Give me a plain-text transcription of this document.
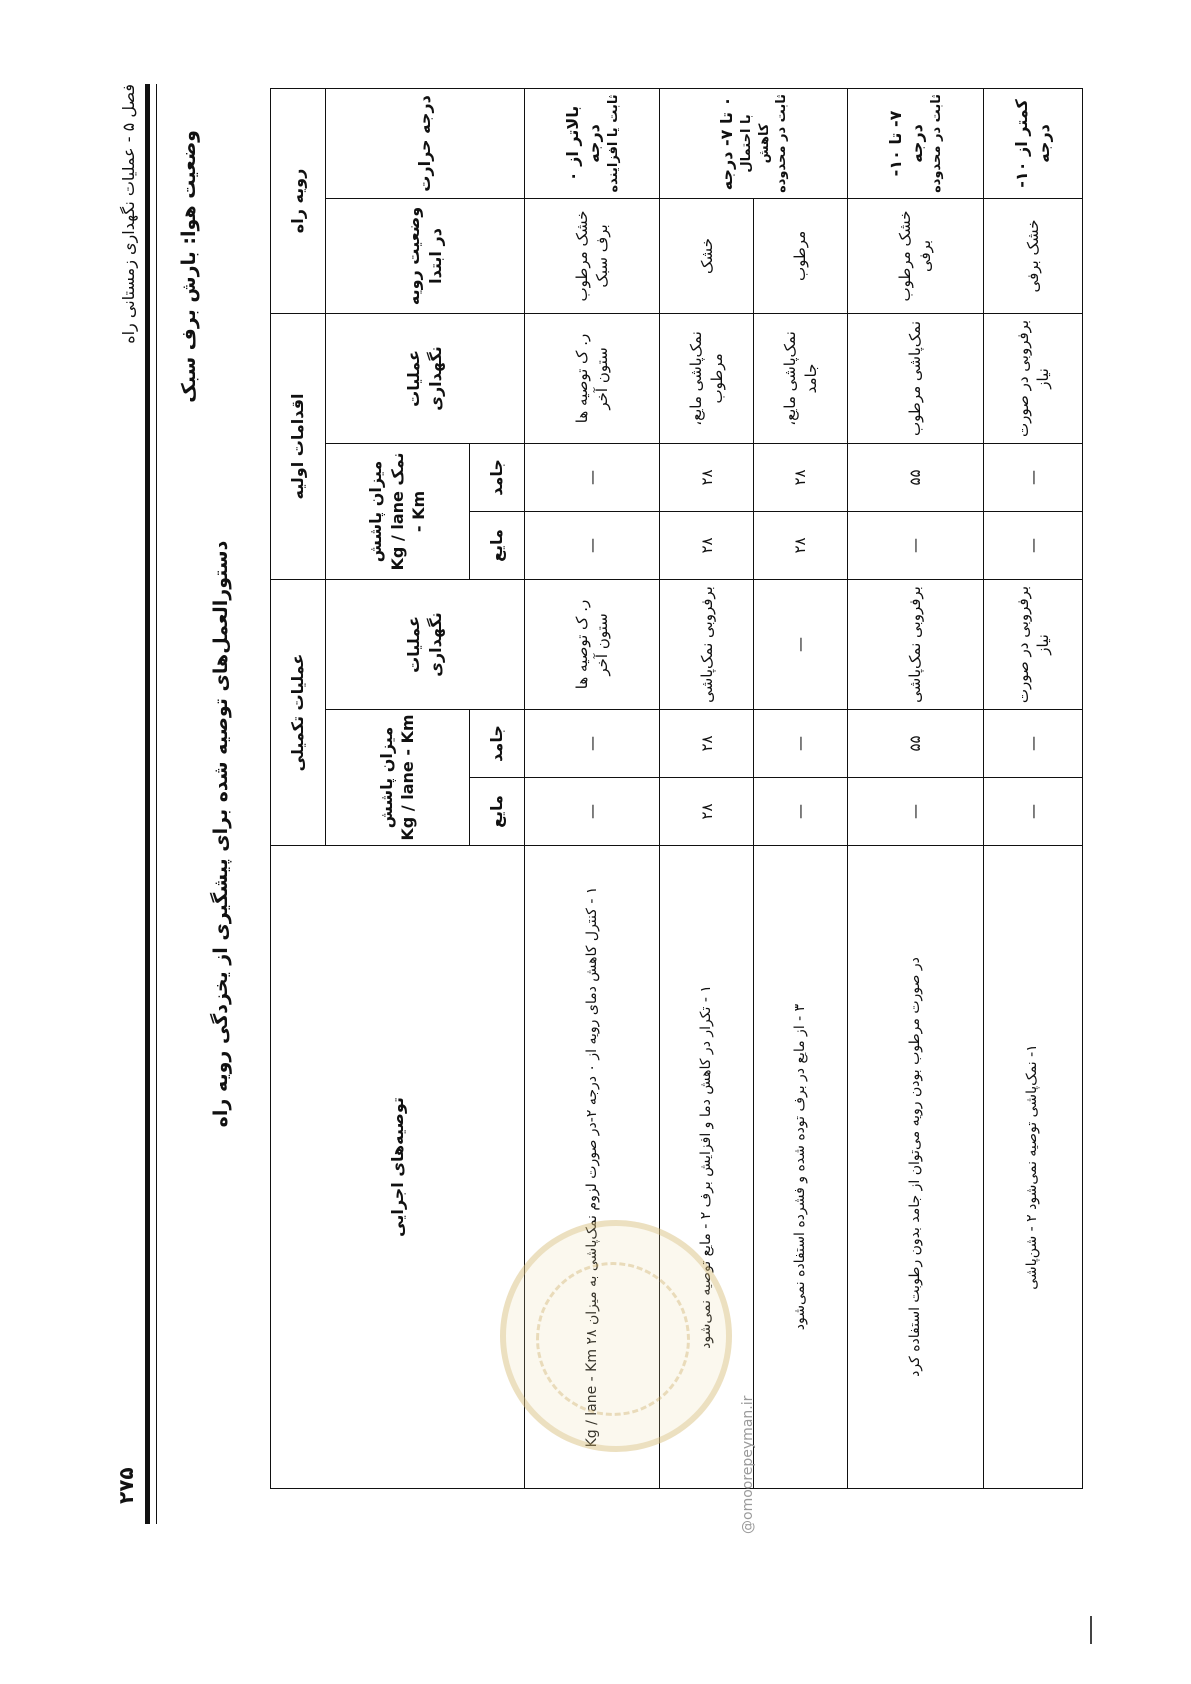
فصل ۵ - عملیات نگهداری زمستانی راه
۲۷۵
وضعیت هوا: بارش برف سبک
دستورالعمل‌های توصیه شده برای پیشگیری از یخزدگی رویه راه
رویه راه		اقدامات اولیه			عملیات تکمیلی			توصیه‌های اجرایی
درجه حرارت	وضعیت رویه در ابتدا	عملیات نگهداری	میزان پاشش نمک Kg / lane - Km		عملیات نگهداری	میزان پاشش Kg / lane - Km		
			جامد	مایع		جامد	مایع	

بالاتر از ۰ درجه ثابت یا افزاینده	خشک مرطوب برف سبک	ر. ک توصیه ها ستون آخر	—	—	ر. ک توصیه ها ستون آخر	—	—	۱ - کنترل کاهش دمای رویه از ۰ درجه ۲-در صورت لزوم نمک‌پاشی به میزان ۲۸ Kg / lane - Km

۰ تا ۷- درجه
با احتمال کاهش ثابت در محدوده	خشک	نمک‌پاشی مایع، مرطوب	۲۸	۲۸	برفروبی نمک‌پاشی	۲۸	۲۸	۱ - تکرار در کاهش دما و افزایش برف ۲ - مایع توصیه نمی‌شود
	مرطوب	نمک‌پاشی مایع، جامد	۲۸	۲۸	—	—	—	۳ - از مایع در برف توده شده و فشرده استفاده نمی‌شود

۷- تا ۱۰- درجه ثابت در محدوده	خشک مرطوب برفی	نمک‌پاشی مرطوب	۵۵	—	برفروبی نمک‌پاشی	۵۵	—	در صورت مرطوب بودن رویه می‌توان از جامد بدون رطوبت استفاده کرد

کمتر از ۱۰- درجه	خشک برفی	برفروبی در صورت نیاز	—	—	برفروبی در صورت نیاز	—	—	۱- نمک‌پاشی توصیه نمی‌شود ۲ - شن‌پاشی
@omoorepeyman.ir
